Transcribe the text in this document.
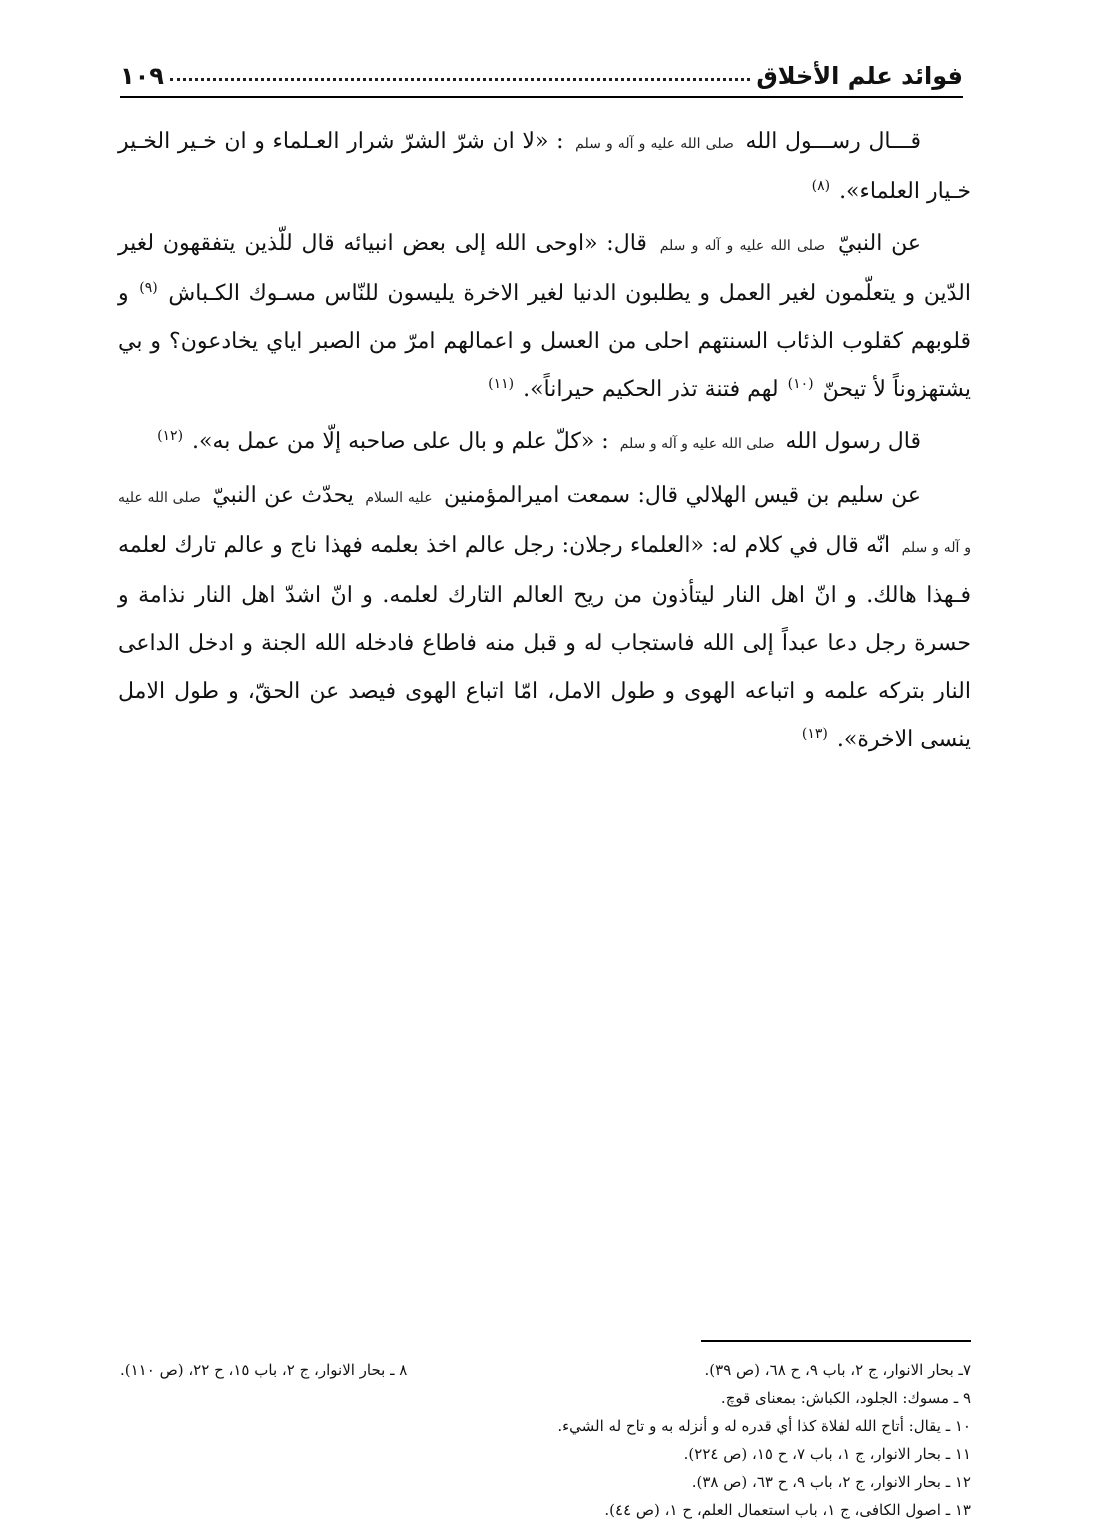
فوائد علم الأخلاق
١٠٩

قـــال رســـول الله صلی الله علیه و آله و سلم : «لا ان شرّ الشرّ شرار العـلماء و ان خـير الخـير خـيار العلماء». $^{(٨)}$

عن النبيّ صلی الله علیه و آله و سلم قال: «اوحى الله إلى بعض انبيائه قال للّذين يتفقهون لغير الدّين و يتعلّمون لغير العمل و يطلبون الدنيا لغير الاخرة يليسون للنّاس مسـوك الكـباش $^{(٩)}$ و قلوبهم كقلوب الذئاب السنتهم احلى من العسل و اعمالهم امرّ من الصبر اياي يخادعون؟ و بي يشتهزوناً لأ تيحنّ $^{(١٠)}$ لهم فتنة تذر الحكيم حيراناً». $^{(١١)}$

قال رسول الله صلی الله علیه و آله و سلم : «كلّ علم و بال على صاحبه إلّا من عمل به». $^{(١٢)}$

عن سليم بن قيس الهلالي قال: سمعت اميرالمؤمنين علیه السلام يحدّث عن النبيّ صلی الله علیه و آله و سلم انّه قال في كلام له: «العلماء رجلان: رجل عالم اخذ بعلمه فهذا ناج و عالم تارك لعلمه فـهذا هالك. و انّ اهل النار ليتأذون من ريح العالم التارك لعلمه. و انّ اشدّ اهل النار نذامة و حسرة رجل دعا عبداً إلى الله فاستجاب له و قبل منه فاطاع فادخله الله الجنة و ادخل الداعى النار بتركه علمه و اتباعه الهوى و طول الامل، امّا اتباع الهوى فيصد عن الحقّ، و طول الامل ينسى الاخرة». $^{(١٣)}$

٧ـ بحار الانوار، ج ٢، باب ٩، ح ٦٨، (ص ٣٩).
٨ ـ بحار الانوار، ج ٢، باب ١٥، ح ٢٢، (ص ١١٠).
٩ ـ مسوك: الجلود، الكباش: بمعناى قوچ.
١٠ ـ يقال: أتاح الله لفلاة كذا أي قدره له و أنزله به و تاح له الشيء.
١١ ـ بحار الانوار، ج ١، باب ٧، ح ١٥، (ص ٢٢٤).
١٢ ـ بحار الانوار، ج ٢، باب ٩، ح ٦٣، (ص ٣٨).
١٣ ـ اصول الكافى، ج ١، باب استعمال العلم، ح ١، (ص ٤٤).
